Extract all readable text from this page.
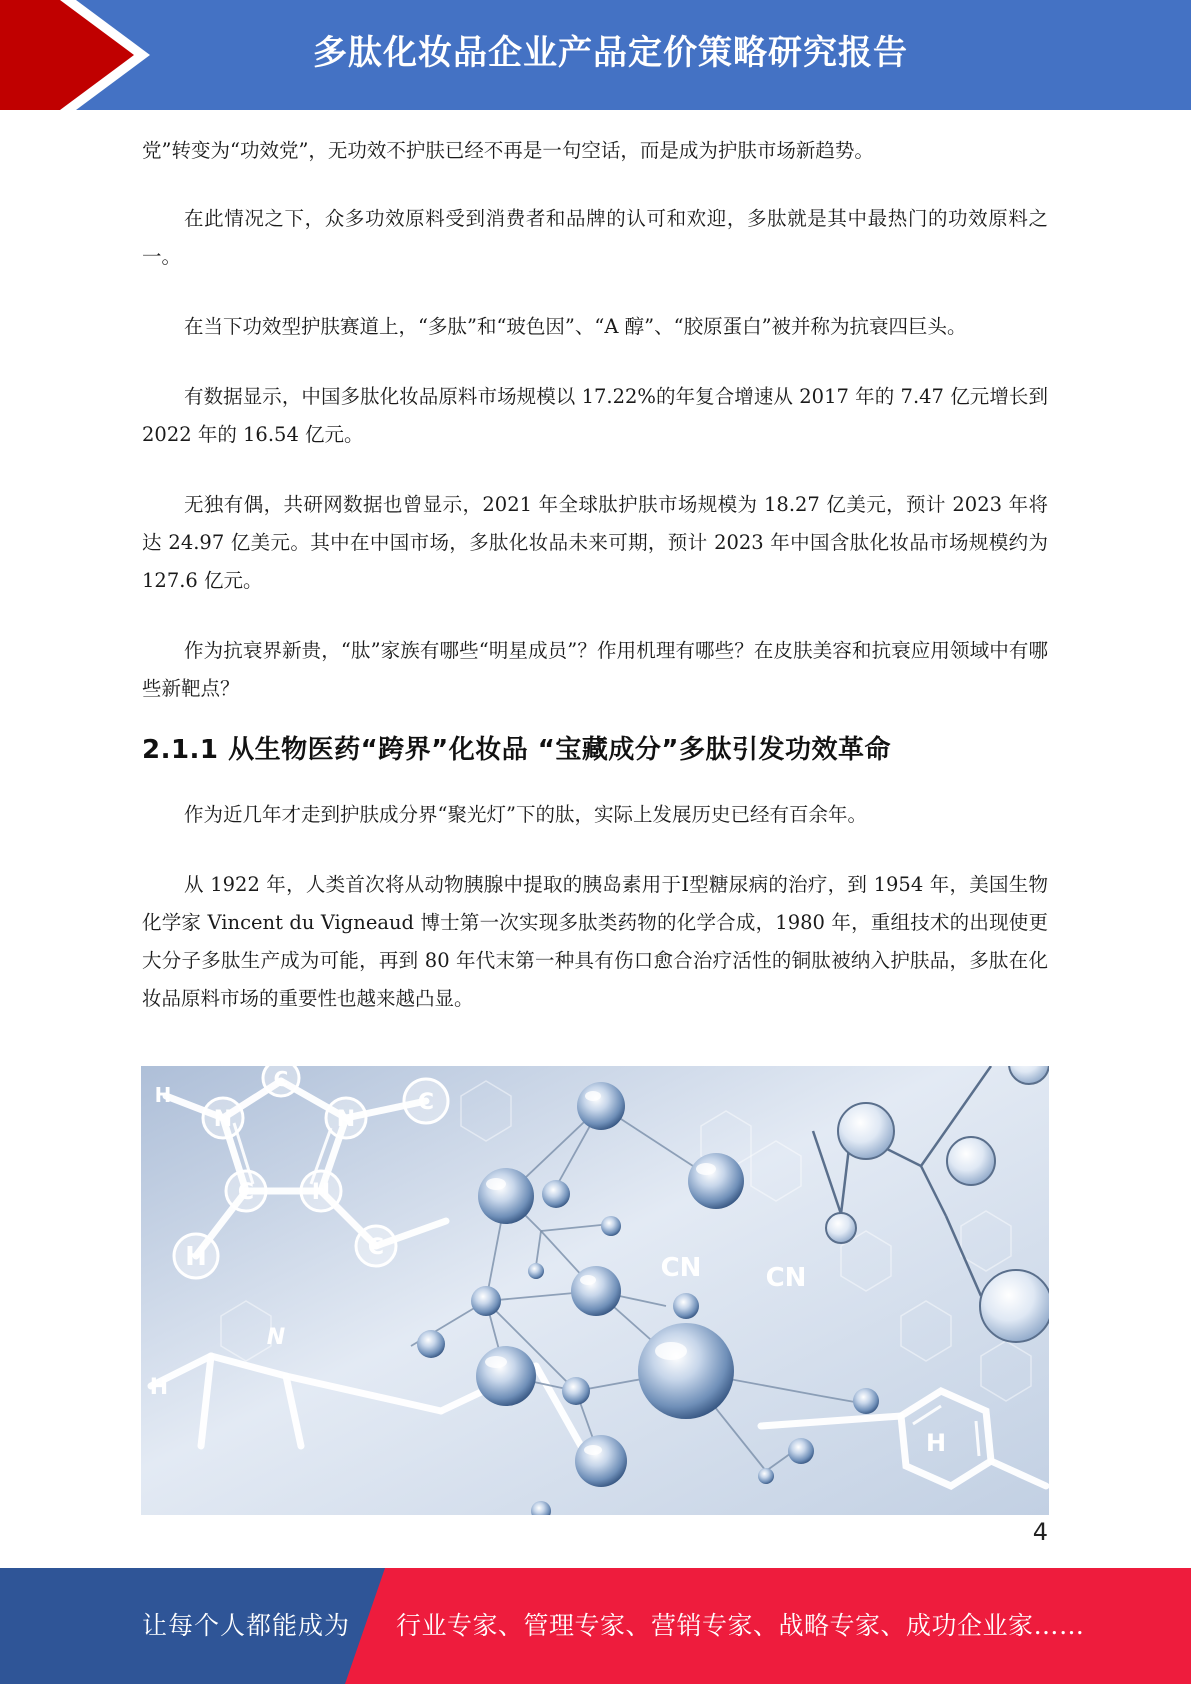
多肽化妆品企业产品定价策略研究报告

党”转变为“功效党”，无功效不护肤已经不再是一句空话，而是成为护肤市场新趋势。

在此情况之下，众多功效原料受到消费者和品牌的认可和欢迎，多肽就是其中最热门的功效原料之一。

在当下功效型护肤赛道上，“多肽”和“玻色因”、“A 醇”、“胶原蛋白”被并称为抗衰四巨头。

有数据显示，中国多肽化妆品原料市场规模以 17.22%的年复合增速从 2017 年的 7.47 亿元增长到 2022 年的 16.54 亿元。

无独有偶，共研网数据也曾显示，2021 年全球肽护肤市场规模为 18.27 亿美元，预计 2023 年将达 24.97 亿美元。其中在中国市场，多肽化妆品未来可期，预计 2023 年中国含肽化妆品市场规模约为 127.6 亿元。

作为抗衰界新贵，“肽”家族有哪些“明星成员”？作用机理有哪些？在皮肤美容和抗衰应用领域中有哪些新靶点？

2.1.1 从生物医药“跨界”化妆品 “宝藏成分”多肽引发功效革命

作为近几年才走到护肤成分界“聚光灯”下的肽，实际上发展历史已经有百余年。

从 1922 年，人类首次将从动物胰腺中提取的胰岛素用于Ⅰ型糖尿病的治疗，到 1954 年，美国生物化学家 Vincent du Vigneaud 博士第一次实现多肽类药物的化学合成，1980 年，重组技术的出现使更大分子多肽生产成为可能，再到 80 年代末第一种具有伤口愈合治疗活性的铜肽被纳入护肤品，多肽在化妆品原料市场的重要性也越来越凸显。

H
N
C
N
C
C	H
C
H
H
N
CN CN
H
4
让每个人都能成为 行业专家、管理专家、营销专家、战略专家、成功企业家……
